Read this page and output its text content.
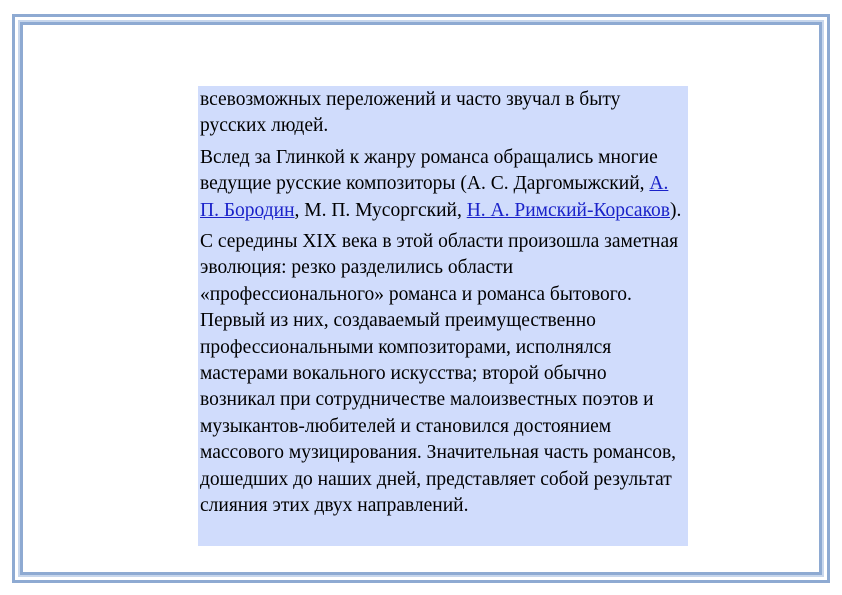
всевозможных переложений и часто звучал в быту русских людей.

Вслед за Глинкой к жанру романса обращались многие ведущие русские композиторы (А. С. Даргомыжский, А. П. Бородин, М. П. Мусоргский, Н. А. Римский-Корсаков).

С середины XIX века в этой области произошла заметная эволюция: резко разделились области «профессионального» романса и романса бытового. Первый из них, создаваемый преимущественно профессиональными композиторами, исполнялся мастерами вокального искусства; второй обычно возникал при сотрудничестве малоизвестных поэтов и музыкантов-любителей и становился достоянием массового музицирования. Значительная часть романсов, дошедших до наших дней, представляет собой результат слияния этих двух направлений.
